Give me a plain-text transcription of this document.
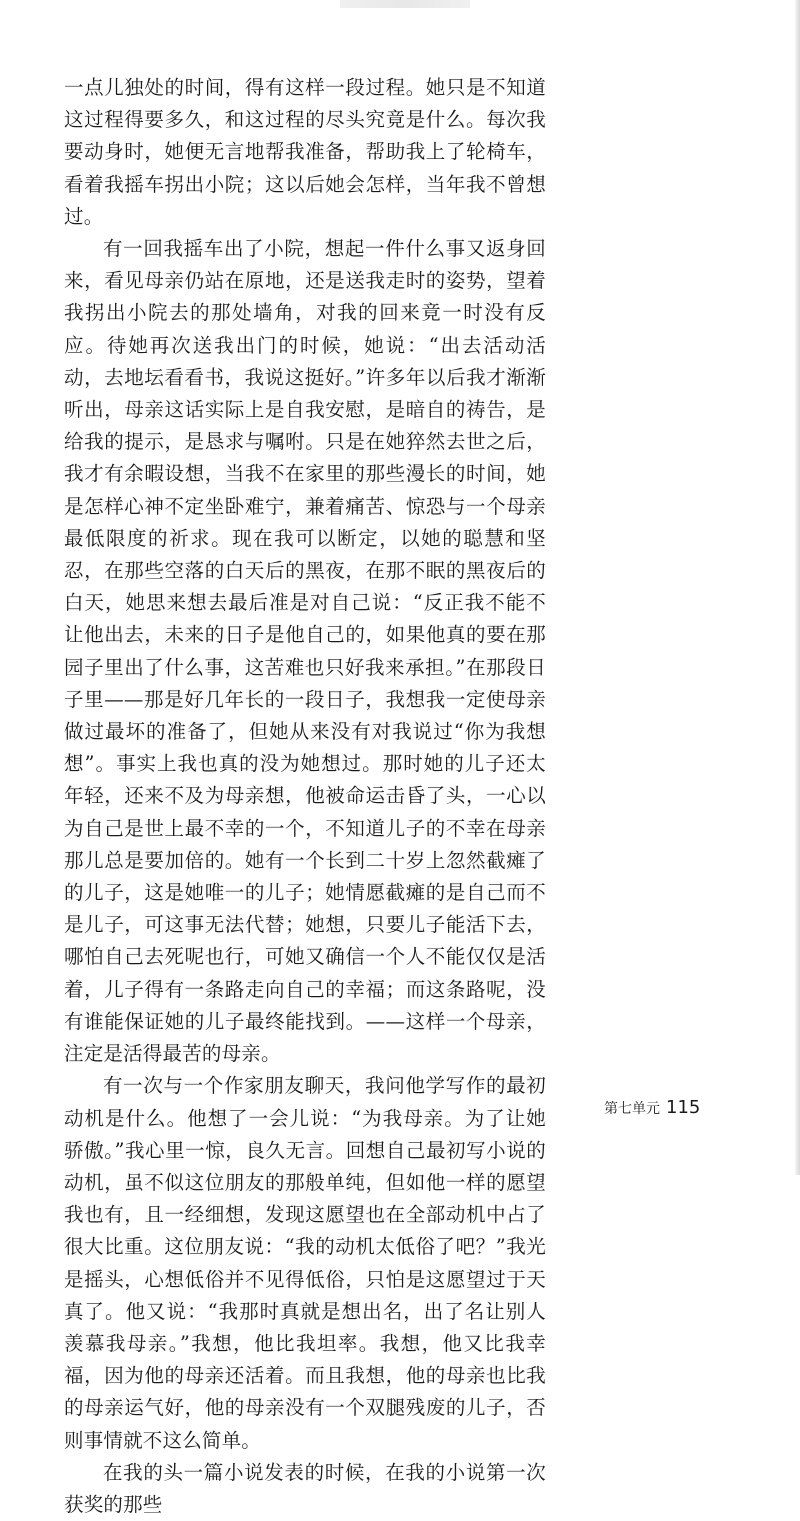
一点儿独处的时间，得有这样一段过程。她只是不知道这过程得要多久，和这过程的尽头究竟是什么。每次我要动身时，她便无言地帮我准备，帮助我上了轮椅车，看着我摇车拐出小院；这以后她会怎样，当年我不曾想过。

有一回我摇车出了小院，想起一件什么事又返身回来，看见母亲仍站在原地，还是送我走时的姿势，望着我拐出小院去的那处墙角，对我的回来竟一时没有反应。待她再次送我出门的时候，她说：“出去活动活动，去地坛看看书，我说这挺好。”许多年以后我才渐渐听出，母亲这话实际上是自我安慰，是暗自的祷告，是给我的提示，是恳求与嘱咐。只是在她猝然去世之后，我才有余暇设想，当我不在家里的那些漫长的时间，她是怎样心神不定坐卧难宁，兼着痛苦、惊恐与一个母亲最低限度的祈求。现在我可以断定，以她的聪慧和坚忍，在那些空落的白天后的黑夜，在那不眠的黑夜后的白天，她思来想去最后准是对自己说：“反正我不能不让他出去，未来的日子是他自己的，如果他真的要在那园子里出了什么事，这苦难也只好我来承担。”在那段日子里——那是好几年长的一段日子，我想我一定使母亲做过最坏的准备了，但她从来没有对我说过“你为我想想”。事实上我也真的没为她想过。那时她的儿子还太年轻，还来不及为母亲想，他被命运击昏了头，一心以为自己是世上最不幸的一个，不知道儿子的不幸在母亲那儿总是要加倍的。她有一个长到二十岁上忽然截瘫了的儿子，这是她唯一的儿子；她情愿截瘫的是自己而不是儿子，可这事无法代替；她想，只要儿子能活下去，哪怕自己去死呢也行，可她又确信一个人不能仅仅是活着，儿子得有一条路走向自己的幸福；而这条路呢，没有谁能保证她的儿子最终能找到。——这样一个母亲，注定是活得最苦的母亲。

有一次与一个作家朋友聊天，我问他学写作的最初动机是什么。他想了一会儿说：“为我母亲。为了让她骄傲。”我心里一惊，良久无言。回想自己最初写小说的动机，虽不似这位朋友的那般单纯，但如他一样的愿望我也有，且一经细想，发现这愿望也在全部动机中占了很大比重。这位朋友说：“我的动机太低俗了吧？”我光是摇头，心想低俗并不见得低俗，只怕是这愿望过于天真了。他又说：“我那时真就是想出名，出了名让别人羡慕我母亲。”我想，他比我坦率。我想，他又比我幸福，因为他的母亲还活着。而且我想，他的母亲也比我的母亲运气好，他的母亲没有一个双腿残废的儿子，否则事情就不这么简单。

在我的头一篇小说发表的时候，在我的小说第一次获奖的那些

第七单元 115
